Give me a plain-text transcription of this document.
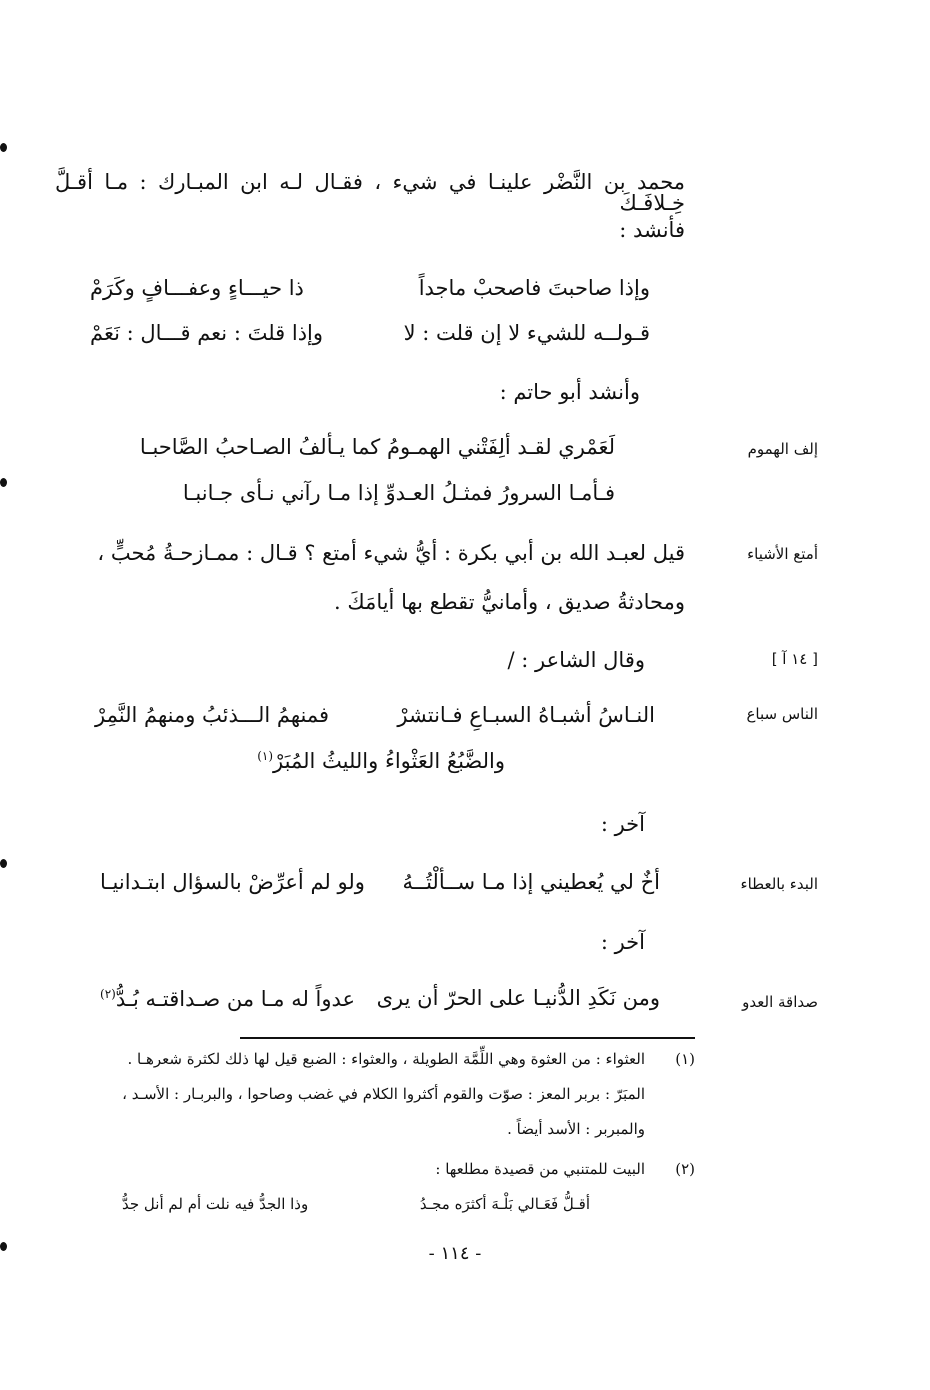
محمد بن النَّضْر علينـا في شيء ، فقـال لـه ابن المبـارك : مـا أقـلَّ خِـلافَـكَ
فأنشد :
وإذا صاحبتَ فاصحبْ ماجداً
ذا حيـــاءٍ وعفـــافٍ وكَرَمْ
قـولــه للشيء لا إن قلت : لا
وإذا قلتَ : نعم قـــال : نَعَمْ
وأنشد أبو حاتم :
إلف الهموم
لَعَمْري لقـد ألِفَتْني الهمـومُ كما يـألفُ الصـاحبُ الصَّاحبـا
فـأمـا السرورُ فمثـلُ العـدوِّ إذا مـا رآني نـأى جـانبـا
أمتع الأشياء
قيل لعبـد الله بن أبي بكرة : أيُّ شيء أمتع ؟ قـال : ممـازحـةُ مُحبٍّ ،
ومحادثةُ صديق ، وأمانيُّ تقطع بها أيامَكَ .
[ ١٤ آ ]
وقال الشاعر : /
الناس سباع
النـاسُ أشبـاهُ السبـاعِ فـانتشرْ
فمنهمُ الـــذئبُ ومنهمُ النَّمِرْ
والضَّبُعُ العَثْواءُ والليثُ المُبَرْ$^{(١)}$
آخر :
البدء بالعطاء
أخٌ لي يُعطيني إذا مـا ســألْتُــهُ
ولو لم أعرِّضْ بالسؤال ابتـدانيـا
آخر :
صداقة العدو
ومن نَكَدِ الدُّنيـا على الحرّ أن يرى
عدواً له مـا من صـداقتـه بُـدُّ$^{(٢)}$
(١)
العثواء : من العثوة وهي اللِّمَّة الطويلة ، والعثواء : الضبع قيل لها ذلك لكثرة شعرهـا .
المبَرّ : بربر المعز : صوّت والقوم أكثروا الكلام في غضب وصاحوا ، والبربـار : الأسـد ،
والمبربر : الأسد أيضاً .
(٢)
البيت للمتنبي من قصيدة مطلعها :
أقـلُّ فَعَـالي بَلْـهَ أكثرَه مجـدُ
وذا الجدُّ فيه نلت أم لم أنل جدُّ
- ١١٤ -
